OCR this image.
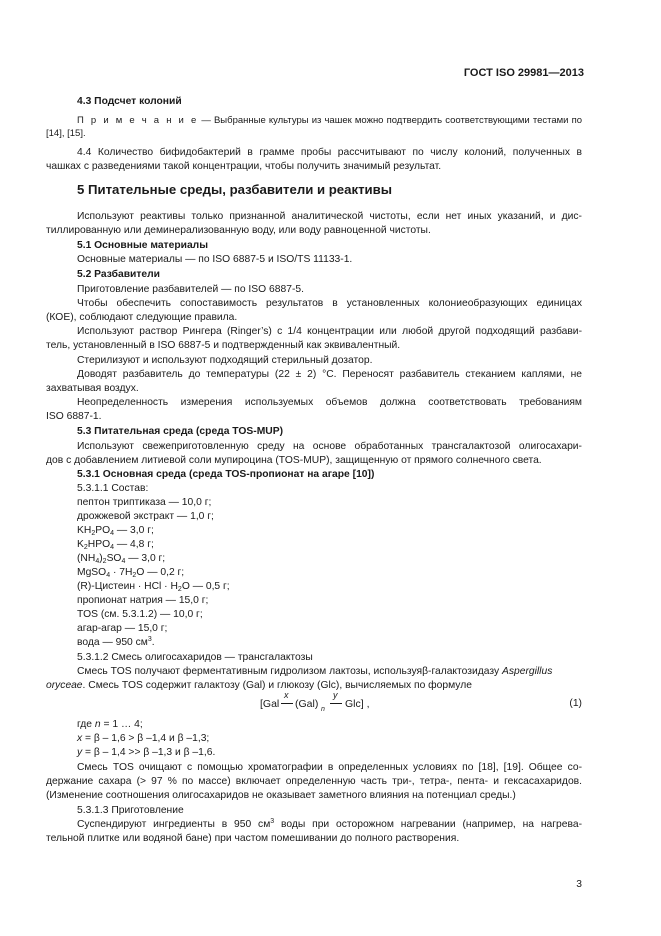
ГОСТ ISO 29981—2013
4.3 Подсчет колоний
П р и м е ч а н и е — Выбранные культуры из чашек можно подтвердить соответствующими тестами по
[14], [15].
4.4 Количество бифидобактерий в грамме пробы рассчитывают по числу колоний, полученных в
чашках с разведениями такой концентрации, чтобы получить значимый результат.
5 Питательные среды, разбавители и реактивы
Используют реактивы только признанной аналитической чистоты, если нет иных указаний, и дис-
тиллированную или деминерализованную воду, или воду равноценной чистоты.
5.1 Основные материалы
Основные материалы — по ISO 6887-5 и ISO/TS 11133-1.
5.2 Разбавители
Приготовление разбавителей — по ISO 6887-5.
Чтобы обеспечить сопоставимость результатов в установленных колониеобразующих единицах
(КОЕ), соблюдают следующие правила.
Используют раствор Рингера (Ringer’s) с 1/4 концентрации или любой другой подходящий разбави-
тель, установленный в ISO 6887-5 и подтвержденный как эквивалентный.
Стерилизуют и используют подходящий стерильный дозатор.
Доводят разбавитель до температуры (22 ± 2) °С. Переносят разбавитель стеканием каплями, не
захватывая воздух.
Неопределенность измерения используемых объемов должна соответствовать требованиям
ISO 6887-1.
5.3 Питательная среда (среда TOS-MUP)
Используют свежеприготовленную среду на основе обработанных трансгалактозой олигосахари-
дов с добавлением литиевой соли мупироцина (TOS-MUP), защищенную от прямого солнечного света.
5.3.1 Основная среда (среда TOS-пропионат на агаре [10])
5.3.1.1 Состав:
пептон триптиказа — 10,0 г;
дрожжевой экстракт — 1,0 г;
$KH_2PO_4$ — 3,0 г;
$K_2HPO_4$ — 4,8 г;
$(NH_4)_2SO_4$ — 3,0 г;
MgSO$_4$ · $7H_2O$ — 0,2 г;
(R)-Цистеин · HCl · $H_2O$ — 0,5 г;
пропионат натрия — 15,0 г;
TOS (см. 5.3.1.2) — 10,0 г;
агар-агар — 15,0 г;
вода — 950 $см^3$.
5.3.1.2 Смесь олигосахаридов — трансгалактозы
Смесь TOS получают ферментативным гидролизом лактозы, используяβ-галактозидазу Aspergillus
orycеае. Смесь TOS содержит галактозу (Gal) и глюкозу (Glc), вычисляемых по формуле
[Gal
x
(Gal) n
y
Glc] ,	(1)
где n = 1 … 4;
x = β – 1,6 > β –1,4 и β –1,3;
y = β – 1,4 >> β –1,3 и β –1,6.
Смесь TOS очищают с помощью хроматографии в определенных условиях по [18], [19]. Общее со-
держание сахара (> 97 % по массе) включает определенную часть три-, тетра-, пента- и гексасахаридов.
(Изменение соотношения олигосахаридов не оказывает заметного влияния на потенциал среды.)
5.3.1.3 Приготовление
Суспендируют ингредиенты в 950 $см^3$ воды при осторожном нагревании (например, на нагрева-
тельной плитке или водяной бане) при частом помешивании до полного растворения.
3
